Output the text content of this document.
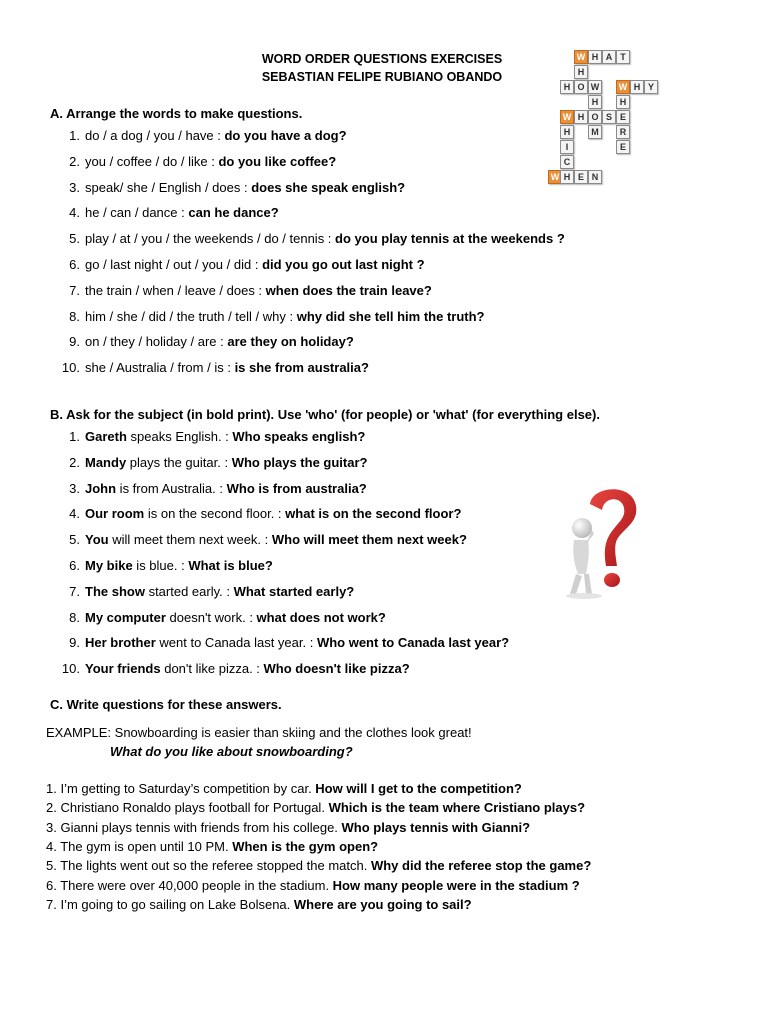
WORD ORDER QUESTIONS EXERCISES
SEBASTIAN FELIPE RUBIANO OBANDO
W H A T
H
H O W	W H Y
H	H
W H O S E
H	M	R
I	E
C
W H E N
A. Arrange the words to make questions.
1. do / a dog / you / have : do you have a dog?
2. you / coffee / do / like : do you like coffee?
3. speak/ she / English / does : does she speak english?
4. he / can / dance : can he dance?
5. play / at / you / the weekends / do / tennis : do you play tennis at the weekends ?
6. go / last night / out / you / did : did you go out last night ?
7. the train / when / leave / does : when does the train leave?
8. him / she / did / the truth / tell / why : why did she tell him the truth?
9. on / they / holiday / are : are they on holiday?
10. she / Australia / from / is : is she from australia?
B. Ask for the subject (in bold print). Use 'who' (for people) or 'what' (for everything else).
1. Gareth speaks English. : Who speaks english?
2. Mandy plays the guitar. : Who plays the guitar?
3. John is from Australia. : Who is from australia?
4. Our room is on the second floor. : what is on the second floor?
5. You will meet them next week. : Who will meet them next week?
6. My bike is blue. : What is blue?
7. The show started early. : What started early?
8. My computer doesn't work. : what does not work?
9. Her brother went to Canada last year. : Who went to Canada last year?
10. Your friends don't like pizza. : Who doesn't like pizza?
C. Write questions for these answers.
EXAMPLE: Snowboarding is easier than skiing and the clothes look great!
What do you like about snowboarding?
1. I’m getting to Saturday’s competition by car. How will I get to the competition?
2. Christiano Ronaldo plays football for Portugal. Which is the team where Cristiano plays?
3. Gianni plays tennis with friends from his college. Who plays tennis with Gianni?
4. The gym is open until 10 PM. When is the gym open?
5. The lights went out so the referee stopped the match. Why did the referee stop the game?
6. There were over 40,000 people in the stadium. How many people were in the stadium ?
7. I’m going to go sailing on Lake Bolsena. Where are you going to sail?
